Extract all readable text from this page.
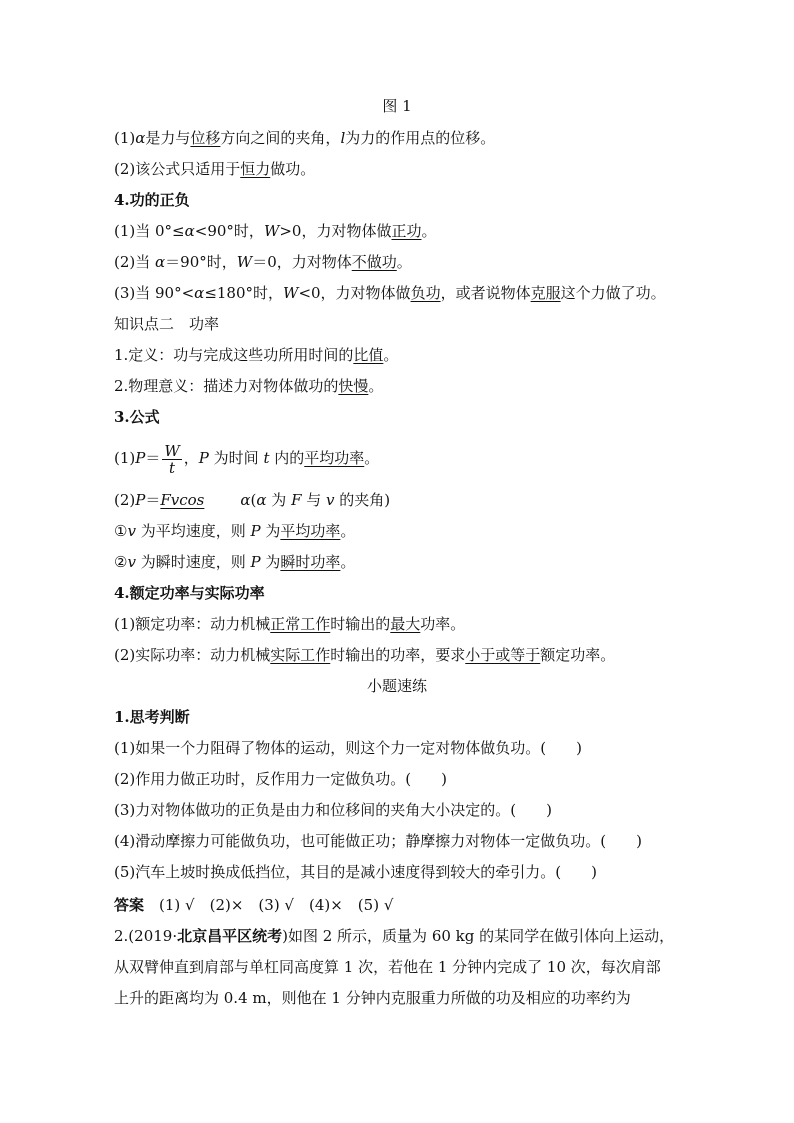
图 1
(1)α是力与位移方向之间的夹角，l为力的作用点的位移。
(2)该公式只适用于恒力做功。
4.功的正负
(1)当 0°≤α<90°时，W>0，力对物体做正功。
(2)当 α＝90°时，W＝0，力对物体不做功。
(3)当 90°<α≤180°时，W<0，力对物体做负功，或者说物体克服这个力做了功。
知识点二　功率
1.定义：功与完成这些功所用时间的比值。
2.物理意义：描述力对物体做功的快慢。
3.公式
$(1)P= \frac{W}{t}$ ，P 为时间 t 内的平均功率。
(2)P＝Fvcos α(α 为 F 与 v 的夹角)
①v 为平均速度，则 P 为平均功率。
②v 为瞬时速度，则 P 为瞬时功率。
4.额定功率与实际功率
(1)额定功率：动力机械正常工作时输出的最大功率。
(2)实际功率：动力机械实际工作时输出的功率，要求小于或等于额定功率。
小题速练
1.思考判断
(1)如果一个力阻碍了物体的运动，则这个力一定对物体做负功。(　　)
(2)作用力做正功时，反作用力一定做负功。(　　)
(3)力对物体做功的正负是由力和位移间的夹角大小决定的。(　　)
(4)滑动摩擦力可能做负功，也可能做正功；静摩擦力对物体一定做负功。(　　)
(5)汽车上坡时换成低挡位，其目的是减小速度得到较大的牵引力。(　　)
答案　 (1) √　(2)×　(3) √　(4)×　(5) √
2.(2019·北京昌平区统考)如图 2 所示，质量为 60 kg 的某同学在做引体向上运动，
从双臂伸直到肩部与单杠同高度算 1 次，若他在 1 分钟内完成了 10 次，每次肩部
上升的距离均为 0.4 m，则他在 1 分钟内克服重力所做的功及相应的功率约为
